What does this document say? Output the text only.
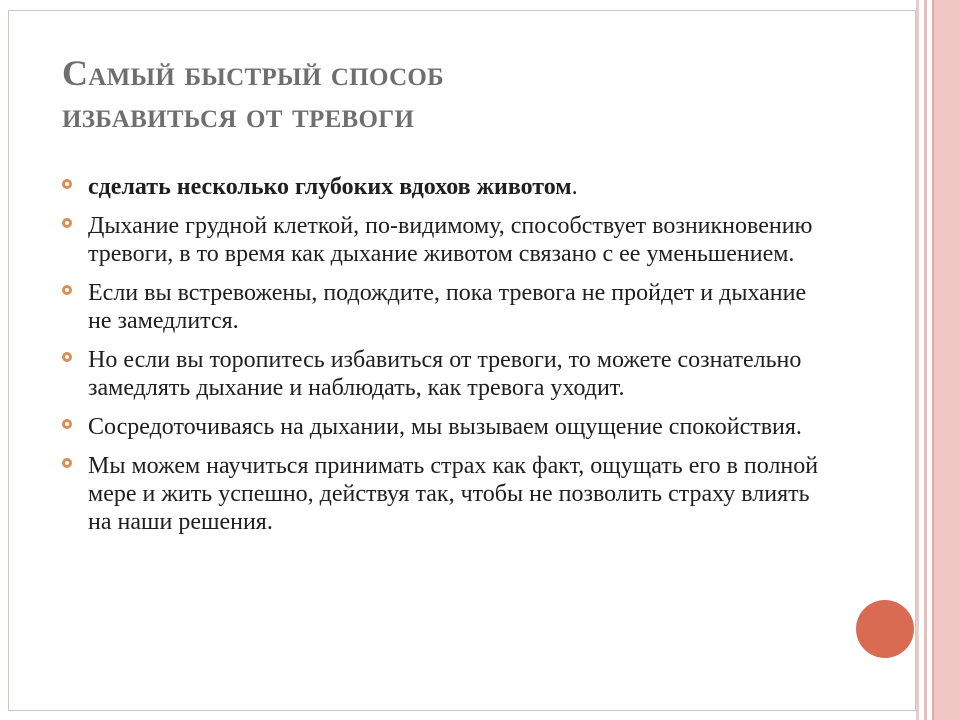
Самый быстрый способ
избавиться от тревоги
сделать несколько глубоких вдохов животом.
Дыхание грудной клеткой, по-видимому, способствует возникновению тревоги, в то время как дыхание животом связано с ее уменьшением.
Если вы встревожены, подождите, пока тревога не пройдет и дыхание не замедлится.
Но если вы торопитесь избавиться от тревоги, то можете сознательно замедлять дыхание и наблюдать, как тревога уходит.
Сосредоточиваясь на дыхании, мы вызываем ощущение спокойствия.
Мы можем научиться принимать страх как факт, ощущать его в полной мере и жить успешно, действуя так, чтобы не позволить страху влиять на наши решения.
